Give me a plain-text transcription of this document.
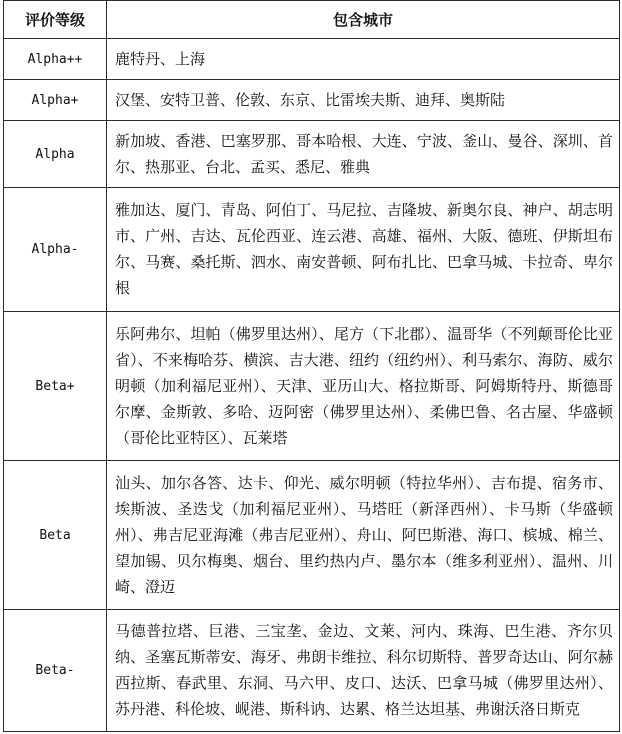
评价等级	包含城市
Alpha++	鹿特丹、上海
Alpha+	汉堡、安特卫普、伦敦、东京、比雷埃夫斯、迪拜、奥斯陆
Alpha	新加坡、香港、巴塞罗那、哥本哈根、大连、宁波、釜山、曼谷、深圳、首尔、热那亚、台北、孟买、悉尼、雅典
Alpha-	雅加达、厦门、青岛、阿伯丁、马尼拉、吉隆坡、新奥尔良、神户、胡志明市、广州、吉达、瓦伦西亚、连云港、高雄、福州、大阪、德班、伊斯坦布尔、马赛、桑托斯、泗水、南安普顿、阿布扎比、巴拿马城、卡拉奇、卑尔根
Beta+	乐阿弗尔、坦帕（佛罗里达州）、尾方（下北郡）、温哥华（不列颠哥伦比亚省）、不来梅哈芬、横滨、吉大港、纽约（纽约州）、利马索尔、海防、威尔明顿（加利福尼亚州）、天津、亚历山大、格拉斯哥、阿姆斯特丹、斯德哥尔摩、金斯敦、多哈、迈阿密（佛罗里达州）、柔佛巴鲁、名古屋、华盛顿（哥伦比亚特区）、瓦莱塔
Beta	汕头、加尔各答、达卡、仰光、威尔明顿（特拉华州）、吉布提、宿务市、埃斯波、圣迭戈（加利福尼亚州）、马塔旺（新泽西州）、卡马斯（华盛顿州）、弗吉尼亚海滩（弗吉尼亚州）、舟山、阿巴斯港、海口、槟城、棉兰、望加锡、贝尔梅奥、烟台、里约热内卢、墨尔本（维多利亚州）、温州、川崎、澄迈
Beta-	马德普拉塔、巨港、三宝垄、金边、文莱、河内、珠海、巴生港、齐尔贝纳、圣塞瓦斯蒂安、海牙、弗朗卡维拉、科尔切斯特、普罗奇达山、阿尔赫西拉斯、春武里、东洞、马六甲、皮口、达沃、巴拿马城（佛罗里达州）、苏丹港、科伦坡、岘港、斯科讷、达累、格兰达坦基、弗谢沃洛日斯克
